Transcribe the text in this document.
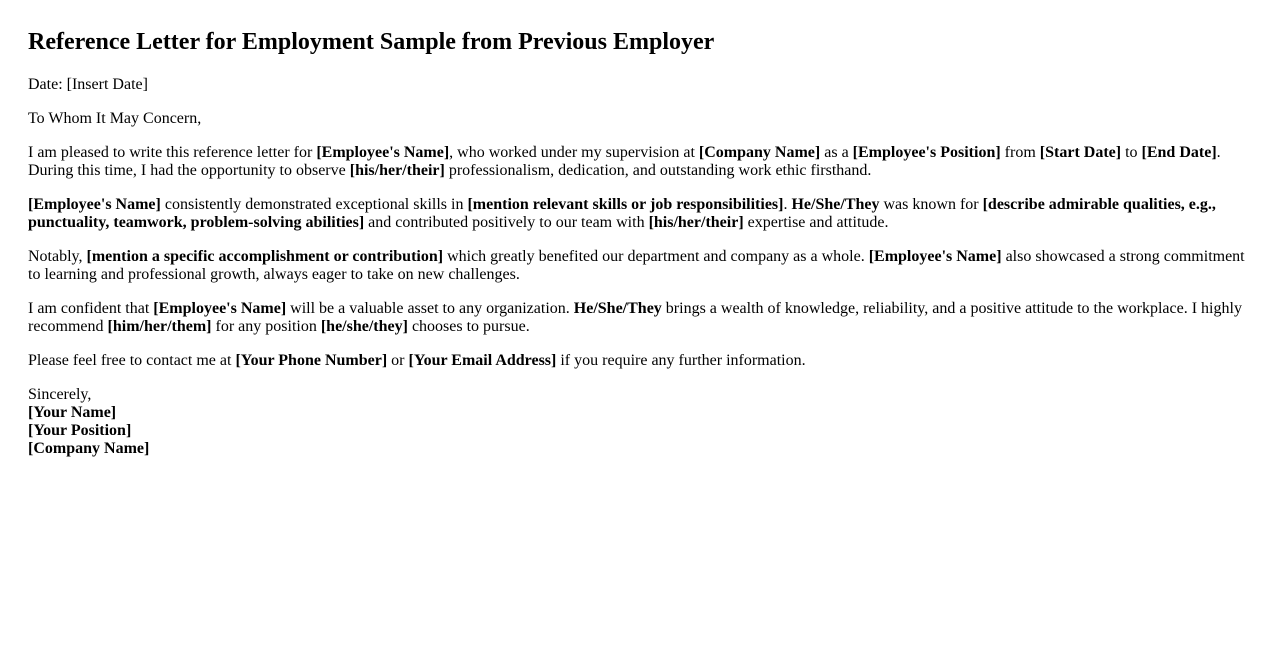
Reference Letter for Employment Sample from Previous Employer

Date: [Insert Date]

To Whom It May Concern,

I am pleased to write this reference letter for [Employee's Name], who worked under my supervision at [Company Name] as a [Employee's Position] from [Start Date] to [End Date]. During this time, I had the opportunity to observe [his/her/their] professionalism, dedication, and outstanding work ethic firsthand.

[Employee's Name] consistently demonstrated exceptional skills in [mention relevant skills or job responsibilities]. He/She/They was known for [describe admirable qualities, e.g., punctuality, teamwork, problem-solving abilities] and contributed positively to our team with [his/her/their] expertise and attitude.

Notably, [mention a specific accomplishment or contribution] which greatly benefited our department and company as a whole. [Employee's Name] also showcased a strong commitment to learning and professional growth, always eager to take on new challenges.

I am confident that [Employee's Name] will be a valuable asset to any organization. He/She/They brings a wealth of knowledge, reliability, and a positive attitude to the workplace. I highly recommend [him/her/them] for any position [he/she/they] chooses to pursue.

Please feel free to contact me at [Your Phone Number] or [Your Email Address] if you require any further information.

Sincerely,
[Your Name]
[Your Position]
[Company Name]
